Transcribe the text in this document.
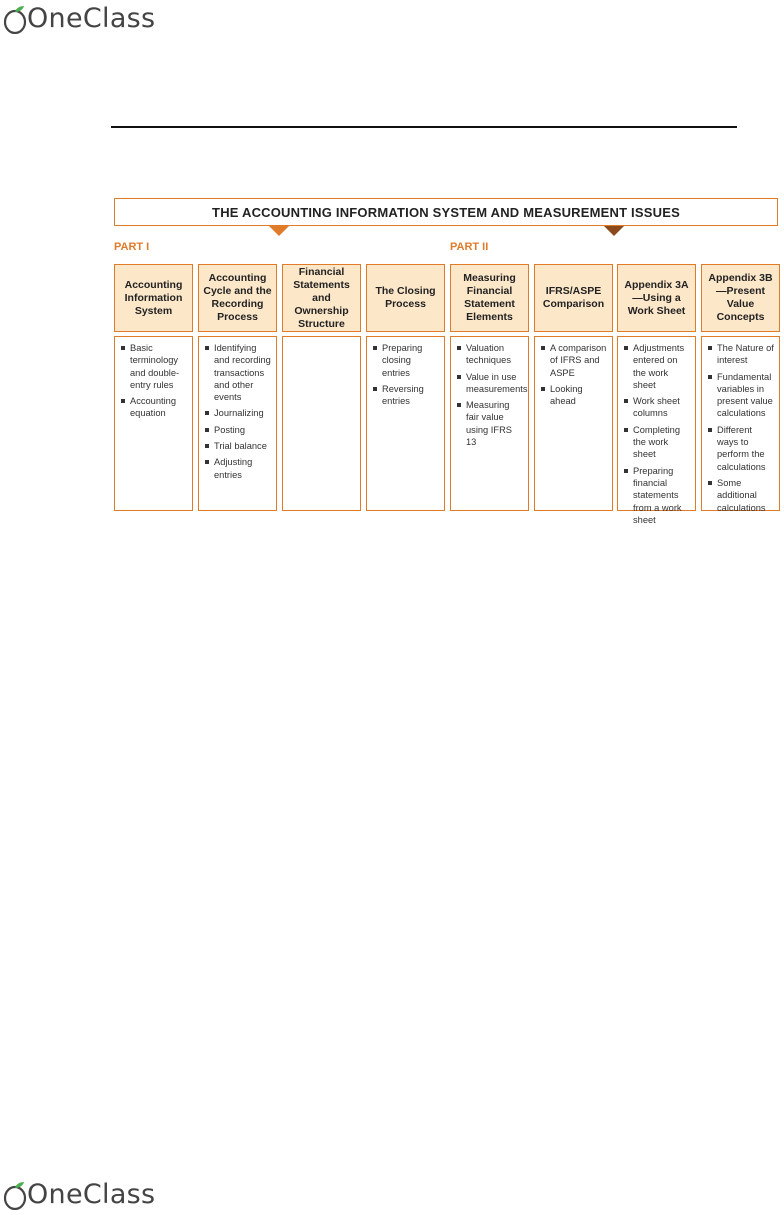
OneClass
THE ACCOUNTING INFORMATION SYSTEM AND MEASUREMENT ISSUES
PART I	PART II
Accounting Information System
Basic terminology and double-entry rules
Accounting equation
Accounting Cycle and the Recording Process
Identifying and recording transactions and other events
Journalizing
Posting
Trial balance
Adjusting entries
Financial Statements and Ownership Structure
The Closing Process
Preparing closing entries
Reversing entries
Measuring Financial Statement Elements
Valuation techniques
Value in use measurements
Measuring fair value using IFRS 13
IFRS/ASPE Comparison
A comparison of IFRS and ASPE
Looking ahead
Appendix 3A—Using a Work Sheet
Adjustments entered on the work sheet
Work sheet columns
Completing the work sheet
Preparing financial statements from a work sheet
Appendix 3B—Present Value Concepts
The Nature of interest
Fundamental variables in present value calculations
Different ways to perform the calculations
Some additional calculations
OneClass
